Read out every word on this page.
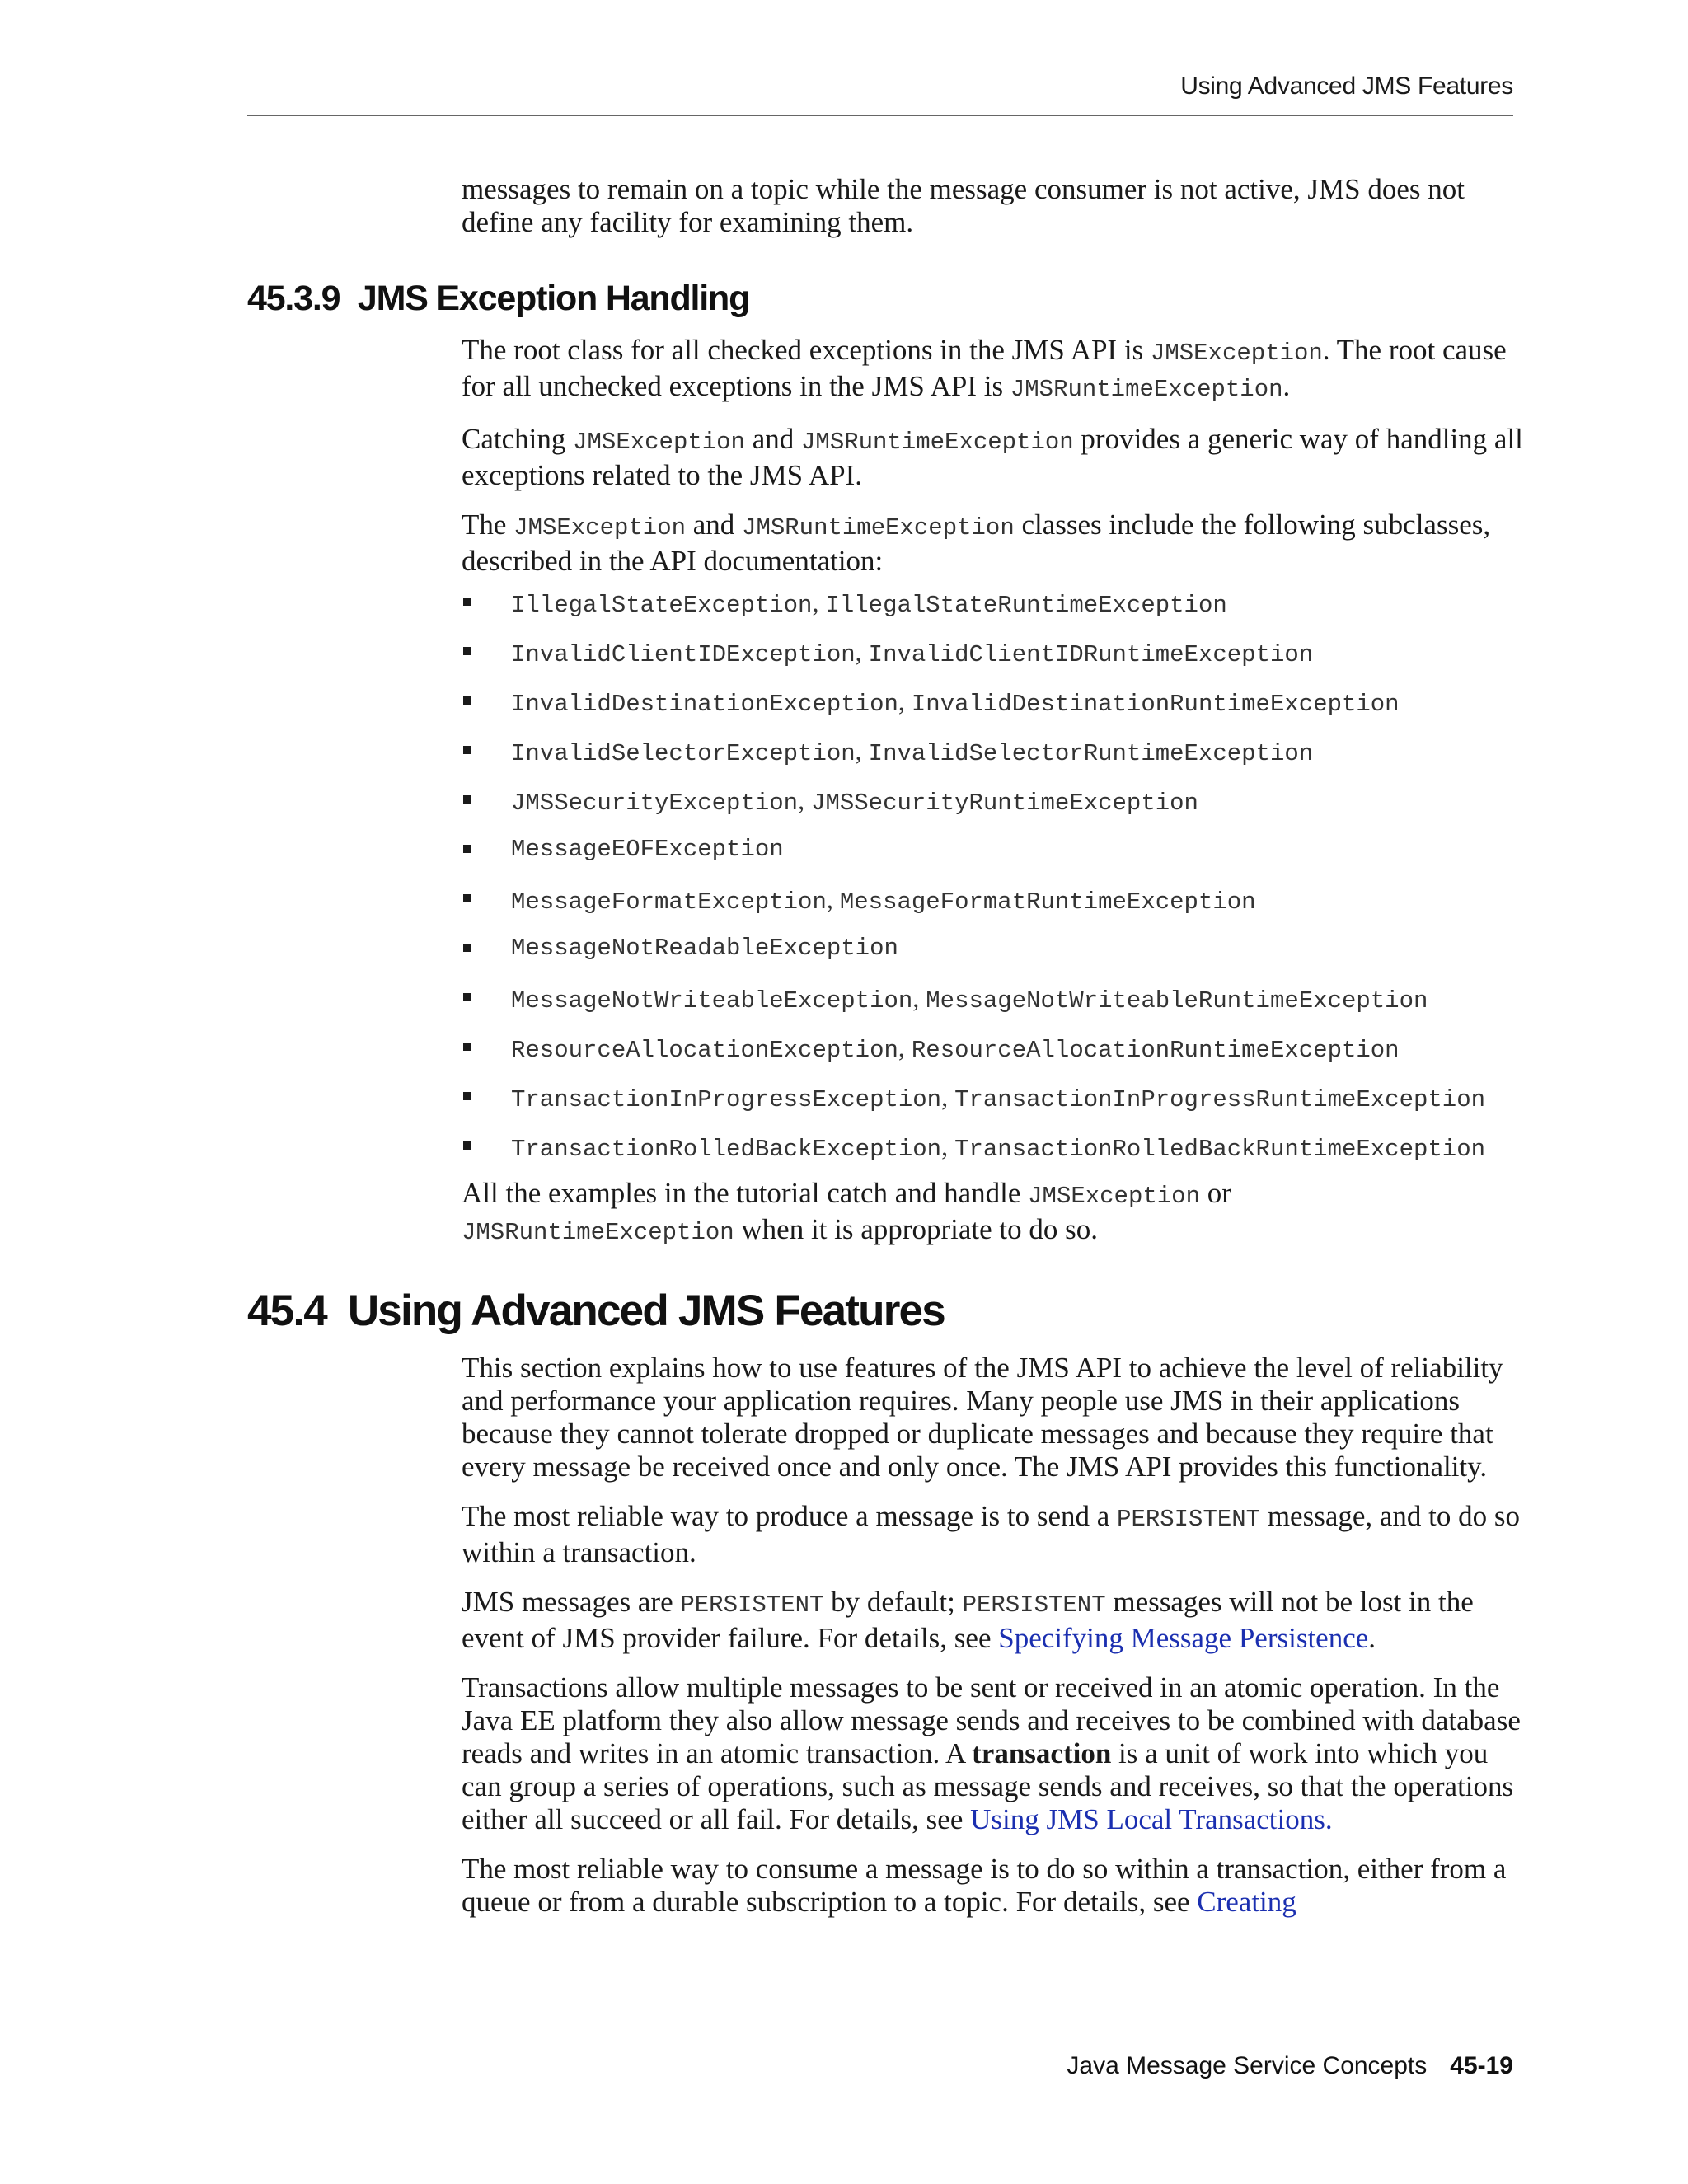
Using Advanced JMS Features

messages to remain on a topic while the message consumer is not active, JMS does not define any facility for examining them.

45.3.9 JMS Exception Handling

The root class for all checked exceptions in the JMS API is JMSException. The root cause for all unchecked exceptions in the JMS API is JMSRuntimeException.

Catching JMSException and JMSRuntimeException provides a generic way of handling all exceptions related to the JMS API.

The JMSException and JMSRuntimeException classes include the following subclasses, described in the API documentation:

IllegalStateException, IllegalStateRuntimeException
InvalidClientIDException, InvalidClientIDRuntimeException
InvalidDestinationException, InvalidDestinationRuntimeException
InvalidSelectorException, InvalidSelectorRuntimeException
JMSSecurityException, JMSSecurityRuntimeException
MessageEOFException
MessageFormatException, MessageFormatRuntimeException
MessageNotReadableException
MessageNotWriteableException, MessageNotWriteableRuntimeException
ResourceAllocationException, ResourceAllocationRuntimeException
TransactionInProgressException, TransactionInProgressRuntimeException
TransactionRolledBackException, TransactionRolledBackRuntimeException

All the examples in the tutorial catch and handle JMSException or
JMSRuntimeException when it is appropriate to do so.

45.4 Using Advanced JMS Features

This section explains how to use features of the JMS API to achieve the level of reliability and performance your application requires. Many people use JMS in their applications because they cannot tolerate dropped or duplicate messages and because they require that every message be received once and only once. The JMS API provides this functionality.

The most reliable way to produce a message is to send a PERSISTENT message, and to do so within a transaction.

JMS messages are PERSISTENT by default; PERSISTENT messages will not be lost in the event of JMS provider failure. For details, see Specifying Message Persistence.

Transactions allow multiple messages to be sent or received in an atomic operation. In the Java EE platform they also allow message sends and receives to be combined with database reads and writes in an atomic transaction. A transaction is a unit of work into which you can group a series of operations, such as message sends and receives, so that the operations either all succeed or all fail. For details, see Using JMS Local Transactions.

The most reliable way to consume a message is to do so within a transaction, either from a queue or from a durable subscription to a topic. For details, see Creating

Java Message Service Concepts 45-19
